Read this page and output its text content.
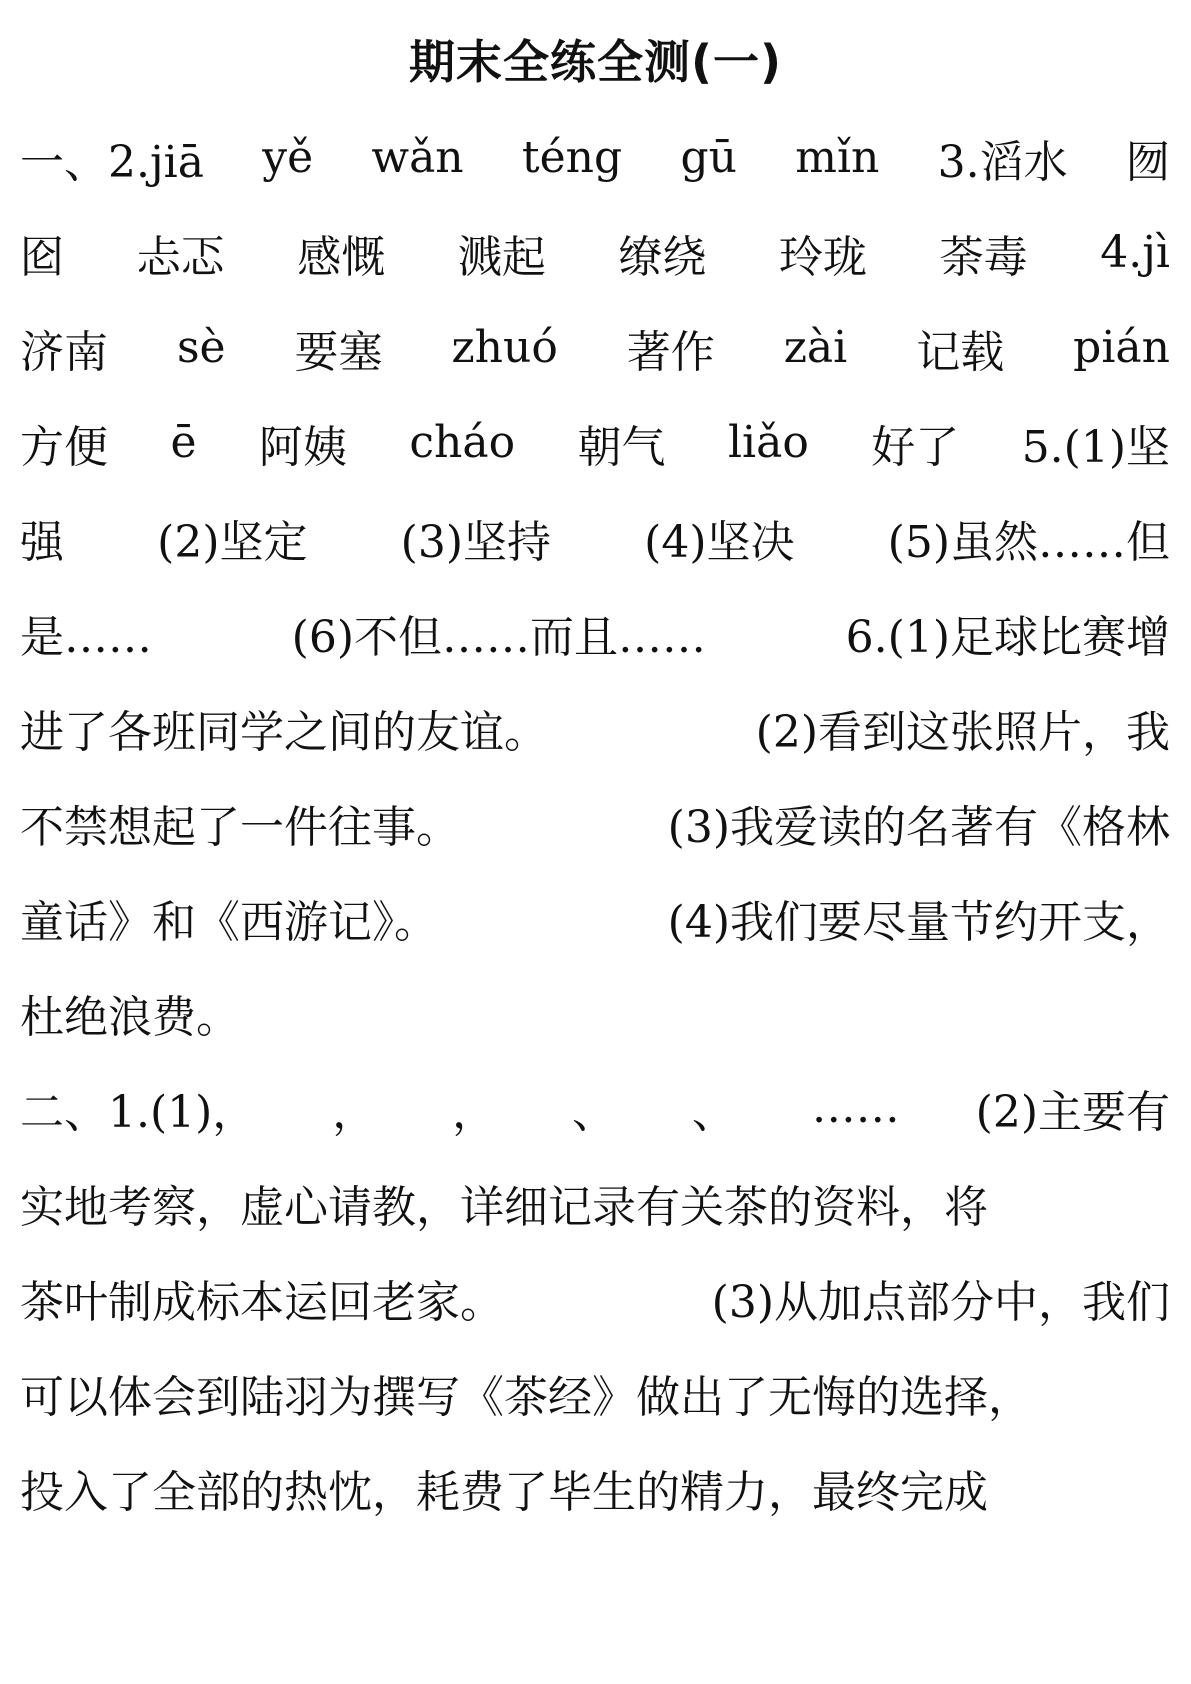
期末全练全测(一)
一、2.jiā yě wǎn téng gū mǐn 3.滔水 囫
囵 忐忑 感慨 溅起 缭绕 玲珑 荼毒 4.jì
济南 sè 要塞 zhuó 著作 zài 记载 pián
方便 ē 阿姨 cháo 朝气 liǎo 好了 5.(1)坚
强 (2)坚定 (3)坚持 (4)坚决 (5)虽然……但
是……	(6)不但……而且……	6.(1)足球比赛增
进了各班同学之间的友谊。	(2)看到这张照片，我
不禁想起了一件往事。	(3)我爱读的名著有《格林
童话》和《西游记》。	(4)我们要尽量节约开支，
杜绝浪费。
二、1.(1)， ， ， 、 、 …… (2)主要有
实地考察，虚心请教，详细记录有关茶的资料，将
茶叶制成标本运回老家。	(3)从加点部分中，我们
可以体会到陆羽为撰写《茶经》做出了无悔的选择，
投入了全部的热忱，耗费了毕生的精力，最终完成
